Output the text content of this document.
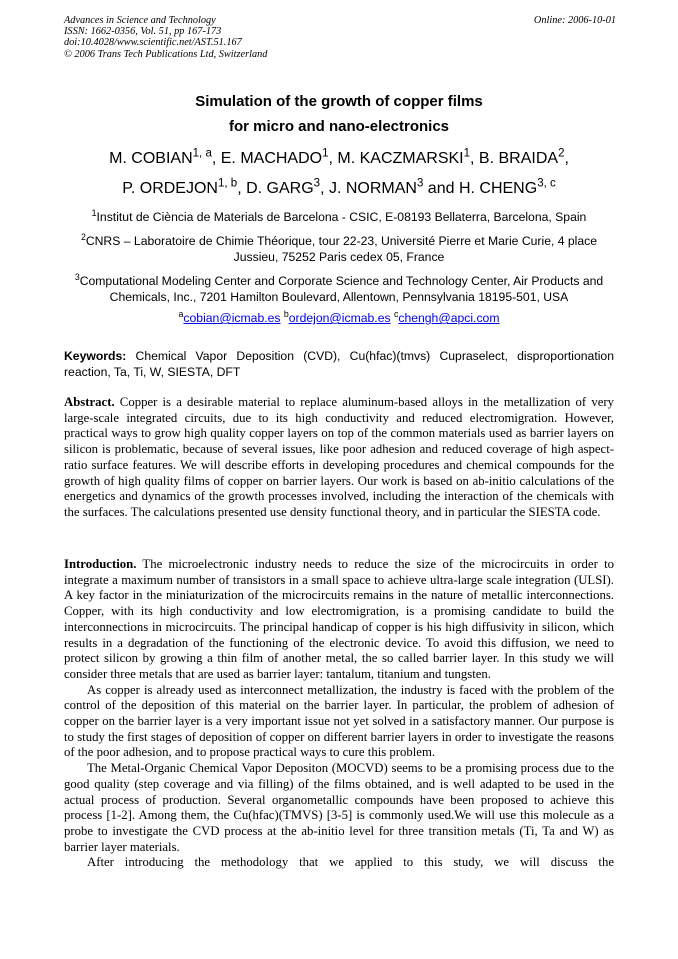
Advances in Science and Technology
ISSN: 1662-0356, Vol. 51, pp 167-173
doi:10.4028/www.scientific.net/AST.51.167
© 2006 Trans Tech Publications Ltd, Switzerland
Online: 2006-10-01
Simulation of the growth of copper films
for micro and nano-electronics
M. COBIAN$^{1, a}$, E. MACHADO$^1$, M. KACZMARSKI$^1$, B. BRAIDA$^2$,
P. ORDEJON$^{1, b}$, D. GARG$^3$, J. NORMAN$^3$ and H. CHENG$^{3, c}$
$^1$Institut de Ciència de Materials de Barcelona - CSIC, E-08193 Bellaterra, Barcelona, Spain
$^2$CNRS – Laboratoire de Chimie Théorique, tour 22-23, Université Pierre et Marie Curie, 4 place
Jussieu, 75252 Paris cedex 05, France
$^3$Computational Modeling Center and Corporate Science and Technology Center, Air Products and
Chemicals, Inc., 7201 Hamilton Boulevard, Allentown, Pennsylvania 18195-501, USA
$^a$cobian@icmab.es $^b$ordejon@icmab.es $^c$chengh@apci.com
Keywords: Chemical Vapor Deposition (CVD), Cu(hfac)(tmvs) Cupraselect, disproportionation reaction, Ta, Ti, W, SIESTA, DFT

Abstract. Copper is a desirable material to replace aluminum-based alloys in the metallization of very large-scale integrated circuits, due to its high conductivity and reduced electromigration. However, practical ways to grow high quality copper layers on top of the common materials used as barrier layers on silicon is problematic, because of several issues, like poor adhesion and reduced coverage of high aspect-ratio surface features. We will describe efforts in developing procedures and chemical compounds for the growth of high quality films of copper on barrier layers. Our work is based on ab-initio calculations of the energetics and dynamics of the growth processes involved, including the interaction of the chemicals with the surfaces. The calculations presented use density functional theory, and in particular the SIESTA code.

Introduction. The microelectronic industry needs to reduce the size of the microcircuits in order to integrate a maximum number of transistors in a small space to achieve ultra-large scale integration (ULSI). A key factor in the miniaturization of the microcircuits remains in the nature of metallic interconnections. Copper, with its high conductivity and low electromigration, is a promising candidate to build the interconnections in microcircuits. The principal handicap of copper is his high diffusivity in silicon, which results in a degradation of the functioning of the electronic device. To avoid this diffusion, we need to protect silicon by growing a thin film of another metal, the so called barrier layer. In this study we will consider three metals that are used as barrier layer: tantalum, titanium and tungsten.

As copper is already used as interconnect metallization, the industry is faced with the problem of the control of the deposition of this material on the barrier layer. In particular, the problem of adhesion of copper on the barrier layer is a very important issue not yet solved in a satisfactory manner. Our purpose is to study the first stages of deposition of copper on different barrier layers in order to investigate the reasons of the poor adhesion, and to propose practical ways to cure this problem.

The Metal-Organic Chemical Vapor Depositon (MOCVD) seems to be a promising process due to the good quality (step coverage and via filling) of the films obtained, and is well adapted to be used in the actual process of production. Several organometallic compounds have been proposed to achieve this process [1-2]. Among them, the Cu(hfac)(TMVS) [3-5] is commonly used.We will use this molecule as a probe to investigate the CVD process at the ab-initio level for three transition metals (Ti, Ta and W) as barrier layer materials.

After introducing the methodology that we applied to this study, we will discuss the
